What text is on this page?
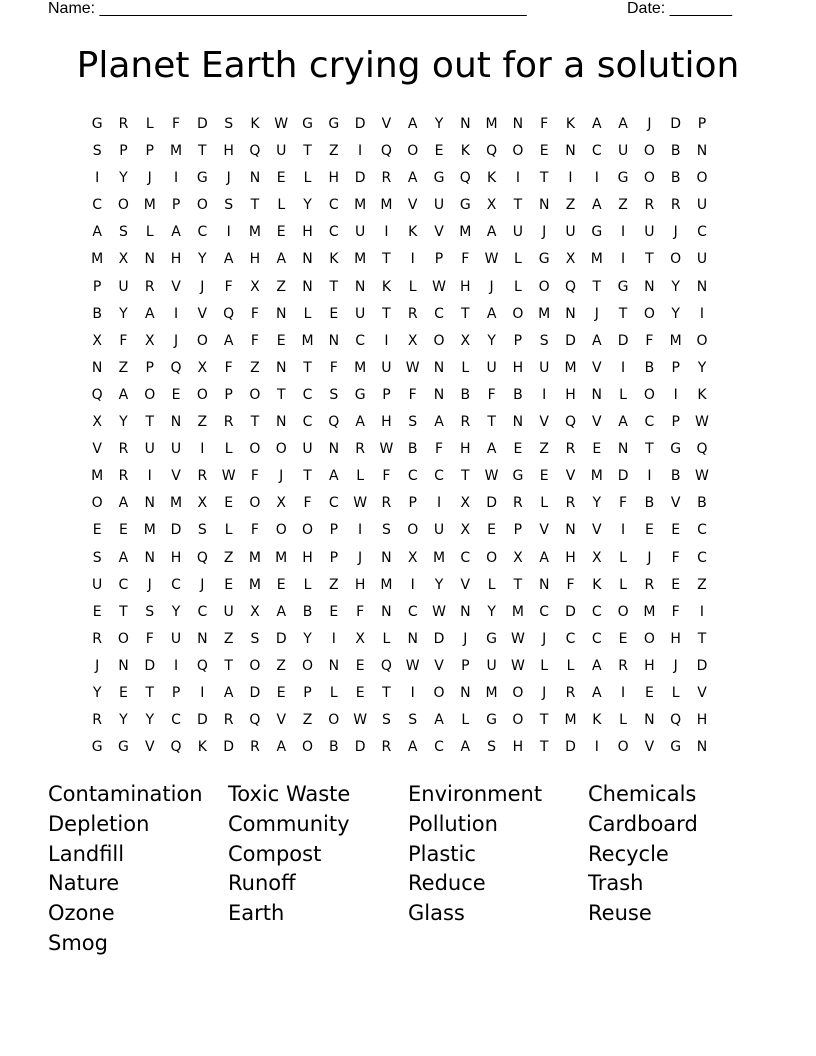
Name: ________________________________________________

	Date: _______

Planet Earth crying out for a solution
G	R	L	F	D	S	K	W G	G	D	V	A	Y	N	M	N	F	K	A	A	J	D	P
S	P	P	M	T	H	Q	U	T	Z	I	Q	O	E	K	Q	O	E	N	C	U	O	B	N
I	Y	J	I	G	J	N	E	L	H	D	R	A	G	Q	K	I	T	I	I	G	O	B	O
C	O	M	P	O	S	T	L	Y	C	M	M	V	U	G	X	T	N	Z	A	Z	R	R	U
A	S	L	A	C	I	M	E	H	C	U	I	K	V	M	A	U	J	U	G	I	U	J	C
M	X	N	H	Y	A	H	A	N	K	M	T	I	P	F	W	L	G	X	M	I	T	O	U
P	U	R	V	J	F	X	Z	N	T	N	K	L	W	H	J	L	O	Q	T	G	N	Y	N
B	Y	A	I	V	Q	F	N	L	E	U	T	R	C	T	A	O	M	N	J	T	O	Y	I
X	F	X	J	O	A	F	E	M	N	C	I	X	O	X	Y	P	S	D	A	D	F	M	O
N	Z	P	Q	X	F	Z	N	T	F	M	U	W	N	L	U	H	U	M	V	I	B	P	Y
Q	A	O	E	O	P	O	T	C	S	G	P	F	N	B	F	B	I	H	N	L	O	I	K
X	Y	T	N	Z	R	T	N	C	Q	A	H	S	A	R	T	N	V	Q	V	A	C	P	W
V	R	U	U	I	L	O	O	U	N	R	W	B	F	H	A	E	Z	R	E	N	T	G	Q
M	R	I	V	R	W	F	J	T	A	L	F	C	C	T	W G	E	V	M	D	I	B	W
O	A	N	M	X	E	O	X	F	C	W	R	P	I	X	D	R	L	R	Y	F	B	V	B
E	E	M	D	S	L	F	O	O	P	I	S	O	U	X	E	P	V	N	V	I	E	E	C
S	A	N	H	Q	Z	M	M	H	P	J	N	X	M	C	O	X	A	H	X	L	J	F	C
U	C	J	C	J	E	M	E	L	Z	H	M	I	Y	V	L	T	N	F	K	L	R	E	Z
E	T	S	Y	C	U	X	A	B	E	F	N	C	W	N	Y	M	C	D	C	O	M	F	I
R	O	F	U	N	Z	S	D	Y	I	X	L	N	D	J	G W	J	C	C	E	O	H	T
J	N	D	I	Q	T	O	Z	O	N	E	Q W	V	P	U	W	L	L	A	R	H	J	D
Y	E	T	P	I	A	D	E	P	L	E	T	I	O	N	M	O	J	R	A	I	E	L	V
R	Y	Y	C	D	R	Q	V	Z	O W	S	S	A	L	G	O	T	M	K	L	N	Q	H
G	G	V	Q	K	D	R	A	O	B	D	R	A	C	A	S	H	T	D	I	O	V	G	N
Contamination	Toxic Waste	Environment	Chemicals
Depletion	Community	Pollution	Cardboard
Landfill	Compost	Plastic	Recycle
Nature	Runoff	Reduce	Trash
Ozone	Earth	Glass	Reuse
Smog
